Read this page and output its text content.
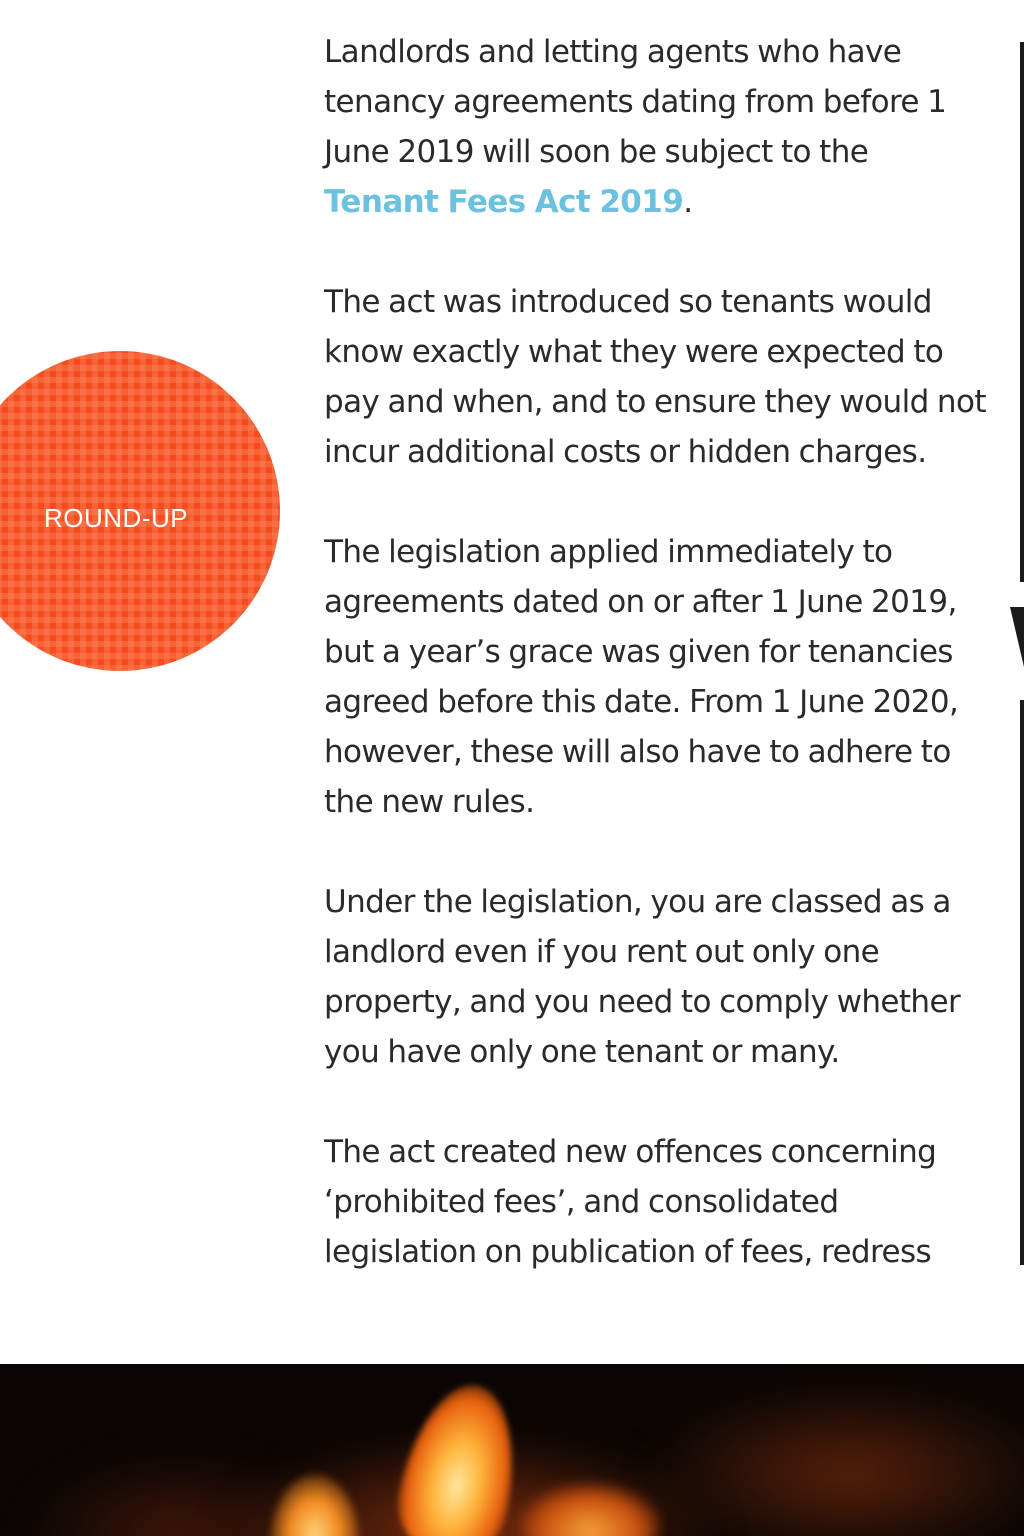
ROUND-UP

Landlords and letting agents who have tenancy agreements dating from before 1 June 2019 will soon be subject to the Tenant Fees Act 2019.

The act was introduced so tenants would know exactly what they were expected to pay and when, and to ensure they would not incur additional costs or hidden charges.

The legislation applied immediately to agreements dated on or after 1 June 2019, but a year’s grace was given for tenancies agreed before this date. From 1 June 2020, however, these will also have to adhere to the new rules.

Under the legislation, you are classed as a landlord even if you rent out only one property, and you need to comply whether you have only one tenant or many.

The act created new offences concerning ‘prohibited fees’, and consolidated legislation on publication of fees, redress
